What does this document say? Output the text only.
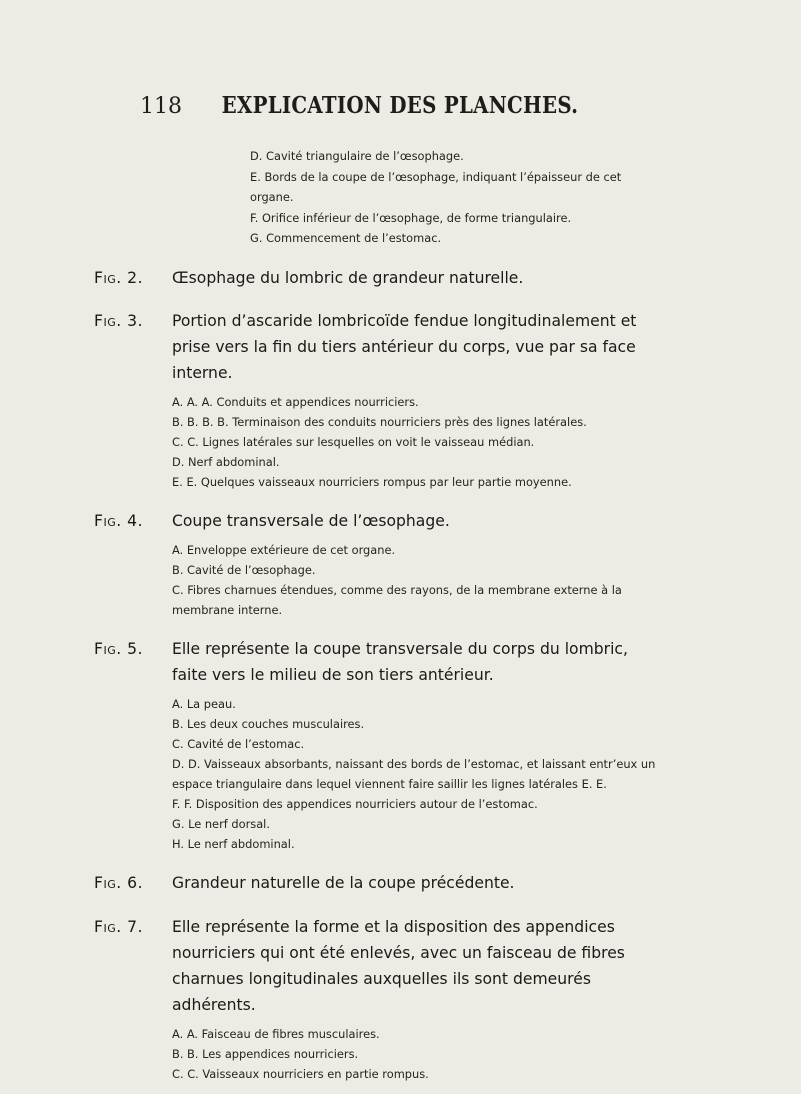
118	EXPLICATION DES PLANCHES.
D. Cavité triangulaire de l’œsophage.
E. Bords de la coupe de l’œsophage, indiquant l’épaisseur de cet organe.
F. Orifice inférieur de l’œsophage, de forme triangulaire.
G. Commencement de l’estomac.
Fig. 2.	Œsophage du lombric de grandeur naturelle.
Fig. 3.	Portion d’ascaride lombricoïde fendue longitudinalement et prise vers la fin du tiers antérieur du corps, vue par sa face interne.
A. A. A. Conduits et appendices nourriciers.
B. B. B. B. Terminaison des conduits nourriciers près des lignes latérales.
C. C. Lignes latérales sur lesquelles on voit le vaisseau médian.
D. Nerf abdominal.
E. E. Quelques vaisseaux nourriciers rompus par leur partie moyenne.
Fig. 4.	Coupe transversale de l’œsophage.
A. Enveloppe extérieure de cet organe.
B. Cavité de l’œsophage.
C. Fibres charnues étendues, comme des rayons, de la membrane externe à la membrane interne.
Fig. 5.	Elle représente la coupe transversale du corps du lombric, faite vers le milieu de son tiers antérieur.
A. La peau.
B. Les deux couches musculaires.
C. Cavité de l’estomac.
D. D. Vaisseaux absorbants, naissant des bords de l’estomac, et laissant entr’eux un espace triangulaire dans lequel viennent faire saillir les lignes latérales E. E.
F. F. Disposition des appendices nourriciers autour de l’estomac.
G. Le nerf dorsal.
H. Le nerf abdominal.
Fig. 6.	Grandeur naturelle de la coupe précédente.
Fig. 7.	Elle représente la forme et la disposition des appendices nourriciers qui ont été enlevés, avec un faisceau de fibres charnues longitudinales auxquelles ils sont demeurés adhérents.
A. A. Faisceau de fibres musculaires.
B. B. Les appendices nourriciers.
C. C. Vaisseaux nourriciers en partie rompus.
